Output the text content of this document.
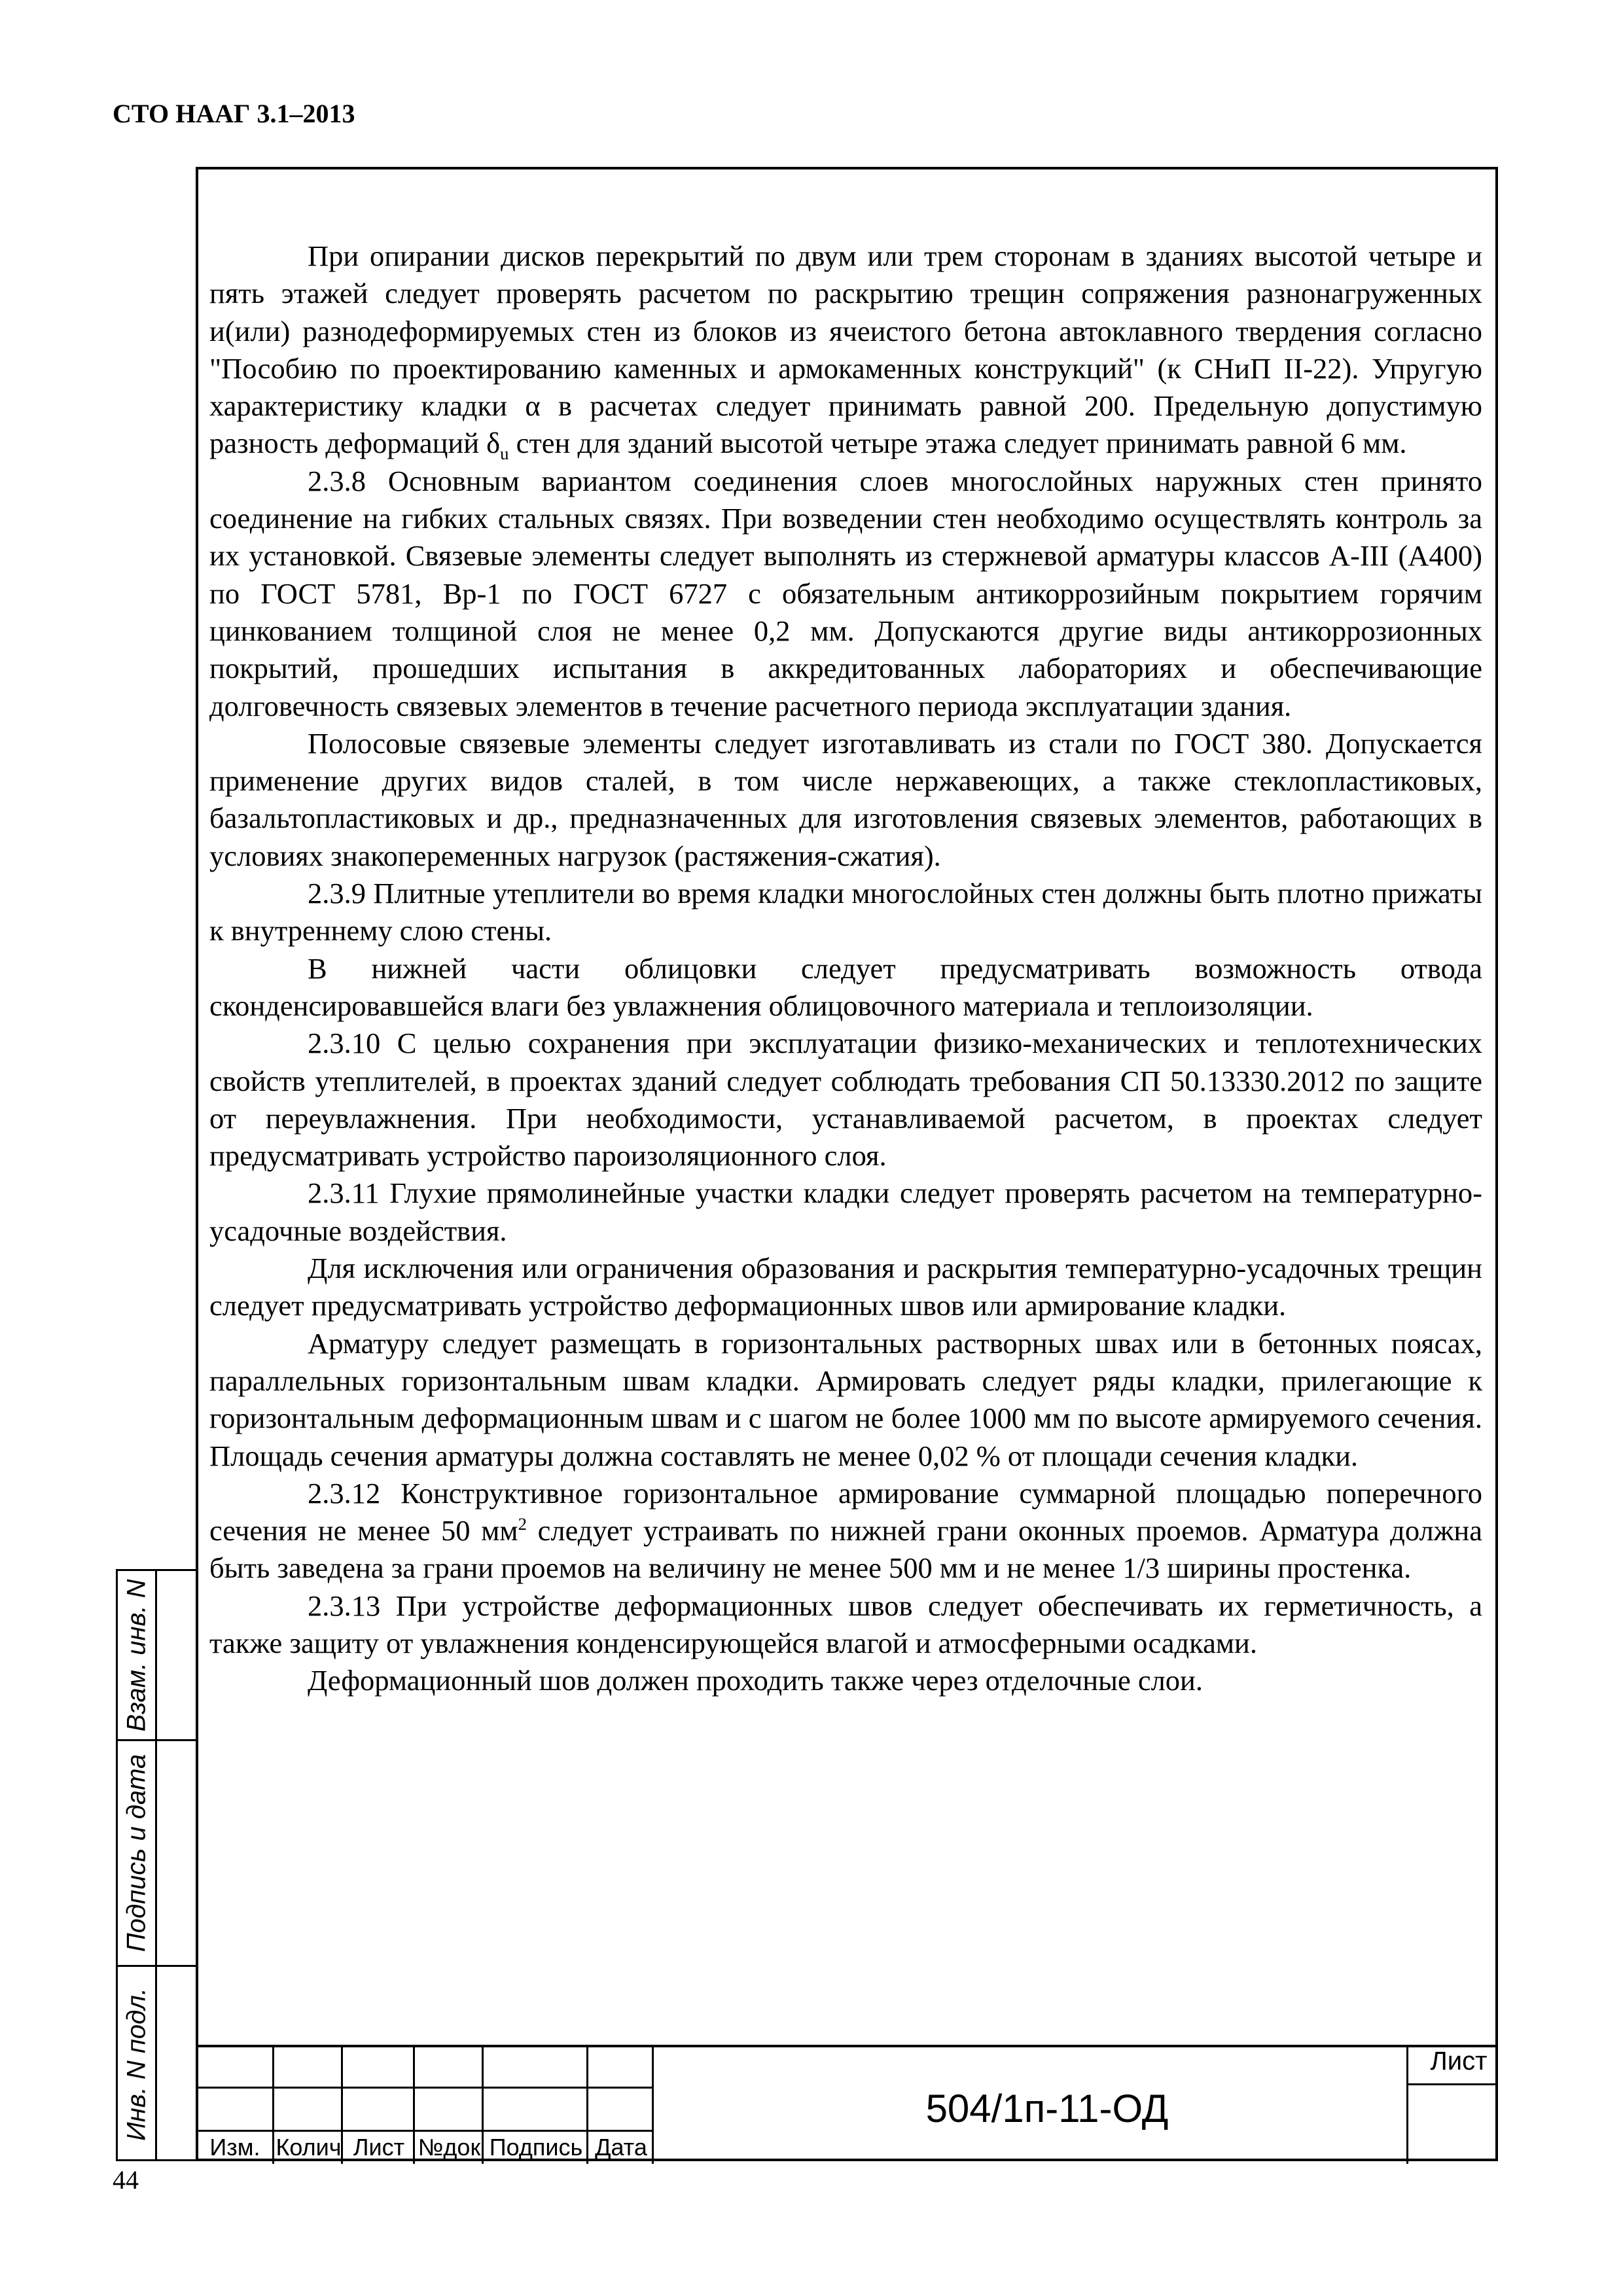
СТО НААГ 3.1–2013

При опирании дисков перекрытий по двум или трем сторонам в зданиях высотой четыре и пять этажей следует проверять расчетом по раскрытию трещин сопряжения разнонагруженных и(или) разнодеформируемых стен из блоков из ячеистого бетона автоклавного твердения согласно "Пособию по проектированию каменных и армокаменных конструкций" (к СНиП II-22). Упругую характеристику кладки α в расчетах следует принимать равной 200. Предельную допустимую разность деформаций $\delta_u$ стен для зданий высотой четыре этажа следует принимать равной 6 мм.

2.3.8 Основным вариантом соединения слоев многослойных наружных стен принято соединение на гибких стальных связях. При возведении стен необходимо осуществлять контроль за их установкой. Связевые элементы следует выполнять из стержневой арматуры классов А-III (А400) по ГОСТ 5781, Вр-1 по ГОСТ 6727 с обязательным антикоррозийным покрытием горячим цинкованием толщиной слоя не менее 0,2 мм. Допускаются другие виды антикоррозионных покрытий, прошедших испытания в аккредитованных лабораториях и обеспечивающие долговечность связевых элементов в течение расчетного периода эксплуатации здания.

Полосовые связевые элементы следует изготавливать из стали по ГОСТ 380. Допускается применение других видов сталей, в том числе нержавеющих, а также стеклопластиковых, базальтопластиковых и др., предназначенных для изготовления связевых элементов, работающих в условиях знакопеременных нагрузок (растяжения-сжатия).

2.3.9 Плитные утеплители во время кладки многослойных стен должны быть плотно прижаты к внутреннему слою стены.

В нижней части облицовки следует предусматривать возможность отвода сконденсировавшейся влаги без увлажнения облицовочного материала и теплоизоляции.

2.3.10 С целью сохранения при эксплуатации физико-механических и теплотехнических свойств утеплителей, в проектах зданий следует соблюдать требования СП 50.13330.2012 по защите от переувлажнения. При необходимости, устанавливаемой расчетом, в проектах следует предусматривать устройство пароизоляционного слоя.

2.3.11 Глухие прямолинейные участки кладки следует проверять расчетом на температурно-усадочные воздействия.

Для исключения или ограничения образования и раскрытия температурно-усадочных трещин следует предусматривать устройство деформационных швов или армирование кладки.

Арматуру следует размещать в горизонтальных растворных швах или в бетонных поясах, параллельных горизонтальным швам кладки. Армировать следует ряды кладки, прилегающие к горизонтальным деформационным швам и с шагом не более 1000 мм по высоте армируемого сечения. Площадь сечения арматуры должна составлять не менее 0,02 % от площади сечения кладки.

2.3.12 Конструктивное горизонтальное армирование суммарной площадью поперечного сечения не менее 50 $мм^2$ следует устраивать по нижней грани оконных проемов. Арматура должна быть заведена за грани проемов на величину не менее 500 мм и не менее 1/3 ширины простенка.

2.3.13 При устройстве деформационных швов следует обеспечивать их герметичность, а также защиту от увлажнения конденсирующейся влагой и атмосферными осадками.

Деформационный шов должен проходить также через отделочные слои.

Взам. инв. N
Подпись и дата
Инв. N подл.
Изм. Колич Лист №док Подпись Дата
504/1п-11-ОД
Лист
44
